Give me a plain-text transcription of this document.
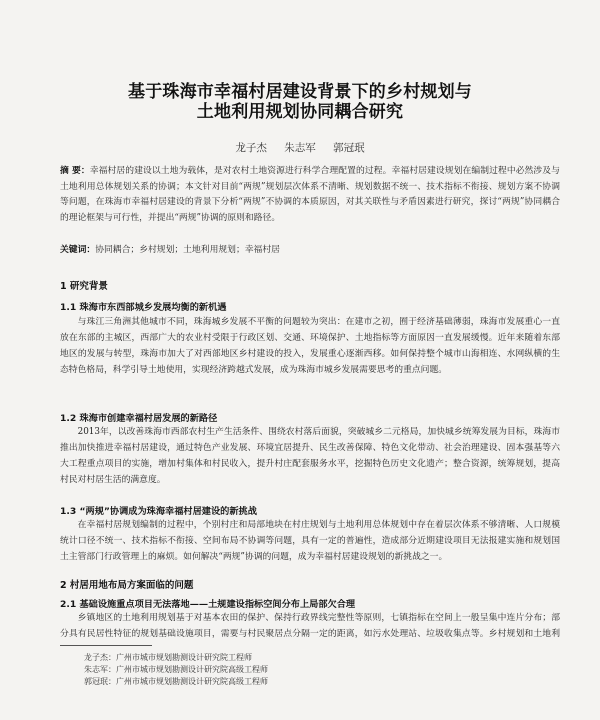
基于珠海市幸福村居建设背景下的乡村规划与
土地利用规划协同耦合研究
龙子杰 朱志军 郭冠珉
摘 要：幸福村居的建设以土地为载体，是对农村土地资源进行科学合理配置的过程。幸福村居建设规划在编制过程中必然涉及与土地利用总体规划关系的协调；本文针对目前“两规”规划层次体系不清晰、规划数据不统一、技术指标不衔接、规划方案不协调等问题，在珠海市幸福村居建设的背景下分析“两规”不协调的本质原因，对其关联性与矛盾因素进行研究，探讨“两规”协同耦合的理论框架与可行性，并提出“两规”协调的原则和路径。
关键词：协同耦合；乡村规划；土地利用规划；幸福村居
1 研究背景
1.1 珠海市东西部城乡发展均衡的新机遇
与珠江三角洲其他城市不同，珠海城乡发展不平衡的问题较为突出：在建市之初，囿于经济基础薄弱，珠海市发展重心一直放在东部的主城区，西部广大的农业村受限于行政区划、交通、环境保护、土地指标等方面原因一直发展缓慢。近年来随着东部地区的发展与转型，珠海市加大了对西部地区乡村建设的投入，发展重心逐渐西移。如何保持整个城市山海相连、水网纵横的生态特色格局，科学引导土地使用，实现经济跨越式发展，成为珠海市城乡发展需要思考的重点问题。
1.2 珠海市创建幸福村居发展的新路径
2013年，以改善珠海市西部农村生产生活条件、围绕农村落后面貌，突破城乡二元格局，加快城乡统筹发展为目标，珠海市推出加快推进幸福村居建设，通过特色产业发展、环境宜居提升、民生改善保障、特色文化带动、社会治理建设、固本强基等六大工程重点项目的实施，增加村集体和村民收入，提升村庄配套服务水平，挖掘特色历史文化遗产；整合资源，统筹规划，提高村民对村居生活的满意度。
1.3 “两规”协调成为珠海幸福村居建设的新挑战
在幸福村居规划编制的过程中，个别村庄和局部地块在村庄规划与土地利用总体规划中存在着层次体系不够清晰、人口规模统计口径不统一、技术指标不衔接、空间布局不协调等问题，具有一定的普遍性，造成部分近期建设项目无法报建实施和规划国土主管部门行政管理上的麻烦。如何解决“两规”协调的问题，成为幸福村居建设规划的新挑战之一。
2 村居用地布局方案面临的问题
2.1 基础设施重点项目无法落地——土规建设指标空间分布上局部欠合理
乡镇地区的土地利用规划基于对基本农田的保护、保持行政界线完整性等原则，七镇指标在空间上一般呈集中连片分布；部分具有民居性特征的规划基础设施项目，需要与村民聚居点分隔一定的距离，如污水处理站、垃圾收集点等。乡村规划和土地利
龙子杰：广州市城市规划勘测设计研究院工程师
朱志军：广州市城市规划勘测设计研究院高级工程师
郭冠珉：广州市城市规划勘测设计研究院高级工程师
